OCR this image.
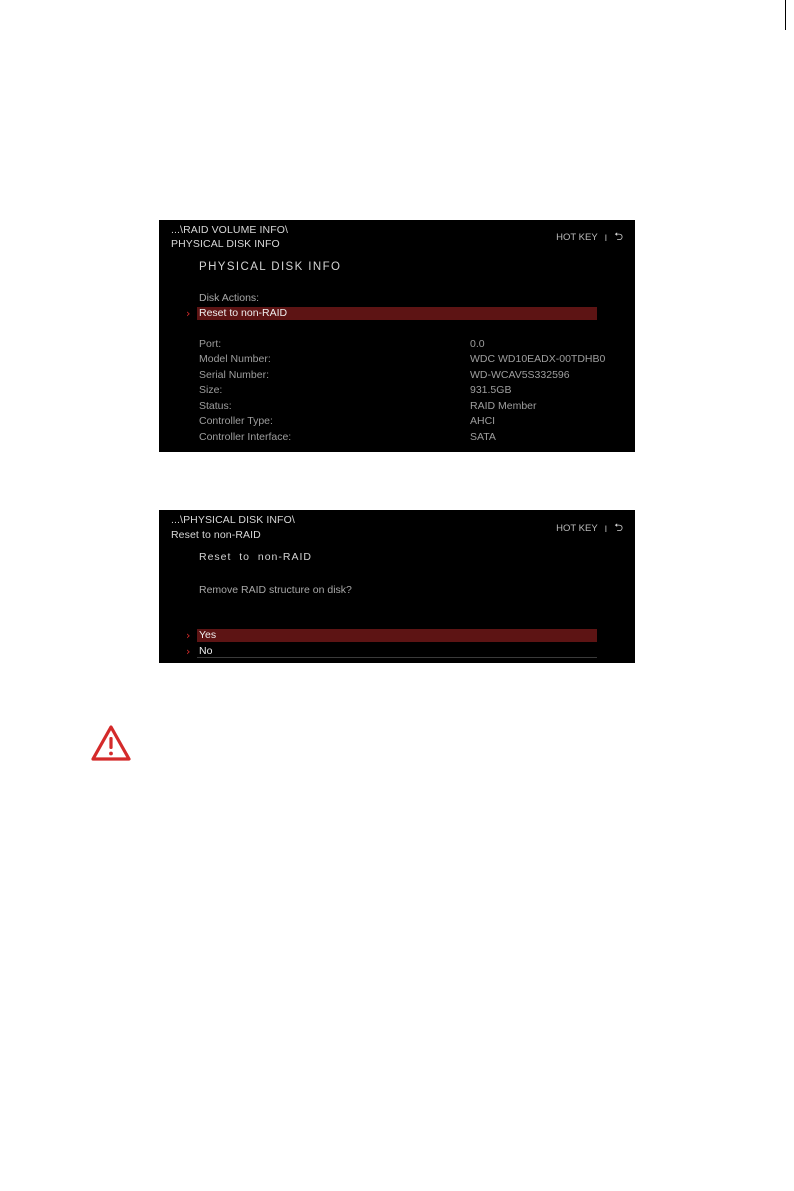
...\RAID VOLUME INFO\
PHYSICAL DISK INFO
HOT KEY I ⮌
PHYSICAL DISK INFO
Disk Actions:
› Reset to non-RAID
Port:	0.0
Model Number:	WDC WD10EADX-00TDHB0
Serial Number:	WD-WCAV5S332596
Size:	931.5GB
Status:	RAID Member
Controller Type:	AHCI
Controller Interface:	SATA
...\PHYSICAL DISK INFO\
Reset to non-RAID
HOT KEY I ⮌
Reset  to  non-RAID
Remove RAID structure on disk?
› Yes
› No
